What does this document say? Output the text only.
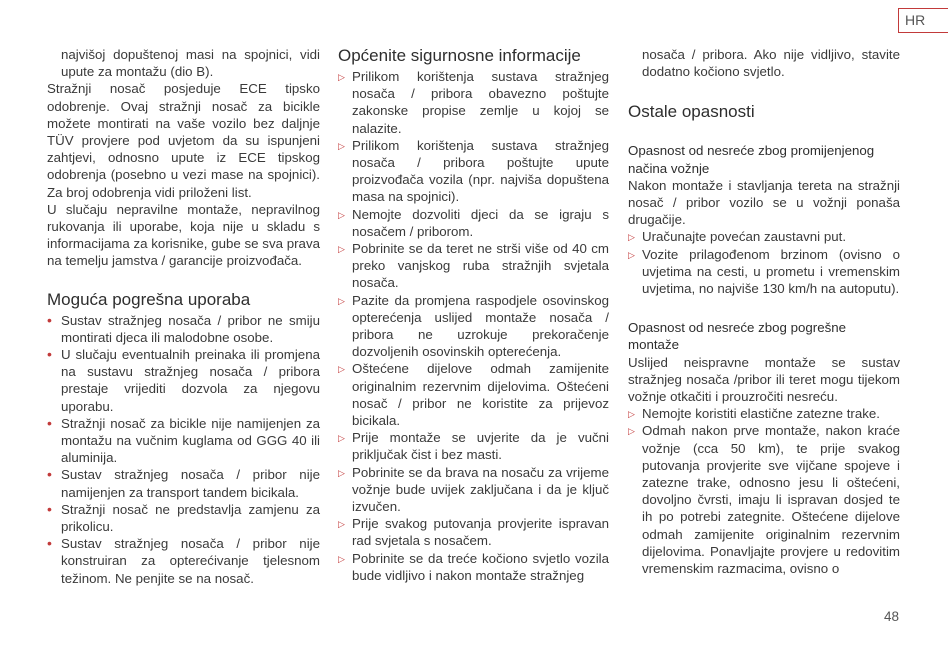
HR

najvišoj dopuštenoj masi na spojnici, vidi upute za montažu (dio B).

Stražnji nosač posjeduje ECE tipsko odobrenje. Ovaj stražnji nosač za bicikle možete montirati na vaše vozilo bez daljnje TÜV provjere pod uvjetom da su ispunjeni zahtjevi, odnosno upute iz ECE tipskog odobrenja (posebno u vezi mase na spojnici). Za broj odobrenja vidi priloženi list.

U slučaju nepravilne montaže, nepravilnog rukovanja ili uporabe, koja nije u skladu s informacijama za korisnike, gube se sva prava na temelju jamstva / garancije proizvođača.

Moguća pogrešna uporaba
• Sustav stražnjeg nosača / pribor ne smiju montirati djeca ili malodobne osobe.
• U slučaju eventualnih preinaka ili promjena na sustavu stražnjeg nosača / pribora prestaje vrijediti dozvola za njegovu uporabu.
• Stražnji nosač za bicikle nije namijenjen za montažu na vučnim kuglama od GGG 40 ili aluminija.
• Sustav stražnjeg nosača / pribor nije namijenjen za transport tandem bicikala.
• Stražnji nosač ne predstavlja zamjenu za prikolicu.
• Sustav stražnjeg nosača / pribor nije konstruiran za opterećivanje tjelesnom težinom. Ne penjite se na nosač.
Općenite sigurnosne informacije
▷ Prilikom korištenja sustava stražnjeg nosača / pribora obavezno poštujte zakonske propise zemlje u kojoj se nalazite.
▷ Prilikom korištenja sustava stražnjeg nosača / pribora poštujte upute proizvođača vozila (npr. najviša dopuštena masa na spojnici).
▷ Nemojte dozvoliti djeci da se igraju s nosačem / priborom.
▷ Pobrinite se da teret ne strši više od 40 cm preko vanjskog ruba stražnjih svjetala nosača.
▷ Pazite da promjena raspodjele osovinskog opterećenja uslijed montaže nosača / pribora ne uzrokuje prekoračenje dozvoljenih osovinskih opterećenja.
▷ Oštećene dijelove odmah zamijenite originalnim rezervnim dijelovima. Oštećeni nosač / pribor ne koristite za prijevoz bicikala.
▷ Prije montaže se uvjerite da je vučni priključak čist i bez masti.
▷ Pobrinite se da brava na nosaču za vrijeme vožnje bude uvijek zaključana i da je ključ izvučen.
▷ Prije svakog putovanja provjerite ispravan rad svjetala s nosačem.
▷ Pobrinite se da treće kočiono svjetlo vozila bude vidljivo i nakon montaže stražnjeg

nosača / pribora. Ako nije vidljivo, stavite dodatno kočiono svjetlo.

Ostale opasnosti

Opasnost od nesreće zbog promijenjenog načina vožnje

Nakon montaže i stavljanja tereta na stražnji nosač / pribor vozilo se u vožnji ponaša drugačije.

▷ Uračunajte povećan zaustavni put.
▷ Vozite prilagođenom brzinom (ovisno o uvjetima na cesti, u prometu i vremenskim uvjetima, no najviše 130 km/h na autoputu).

Opasnost od nesreće zbog pogrešne montaže

Uslijed neispravne montaže se sustav stražnjeg nosača /pribor ili teret mogu tijekom vožnje otkačiti i prouzročiti nesreću.

▷ Nemojte koristiti elastične zatezne trake.
▷ Odmah nakon prve montaže, nakon kraće vožnje (cca 50 km), te prije svakog putovanja provjerite sve vijčane spojeve i zatezne trake, odnosno jesu li oštećeni, dovoljno čvrsti, imaju li ispravan dosjed te ih po potrebi zategnite. Oštećene dijelove odmah zamijenite originalnim rezervnim dijelovima. Ponavljajte provjere u redovitim vremenskim razmacima, ovisno o
48
